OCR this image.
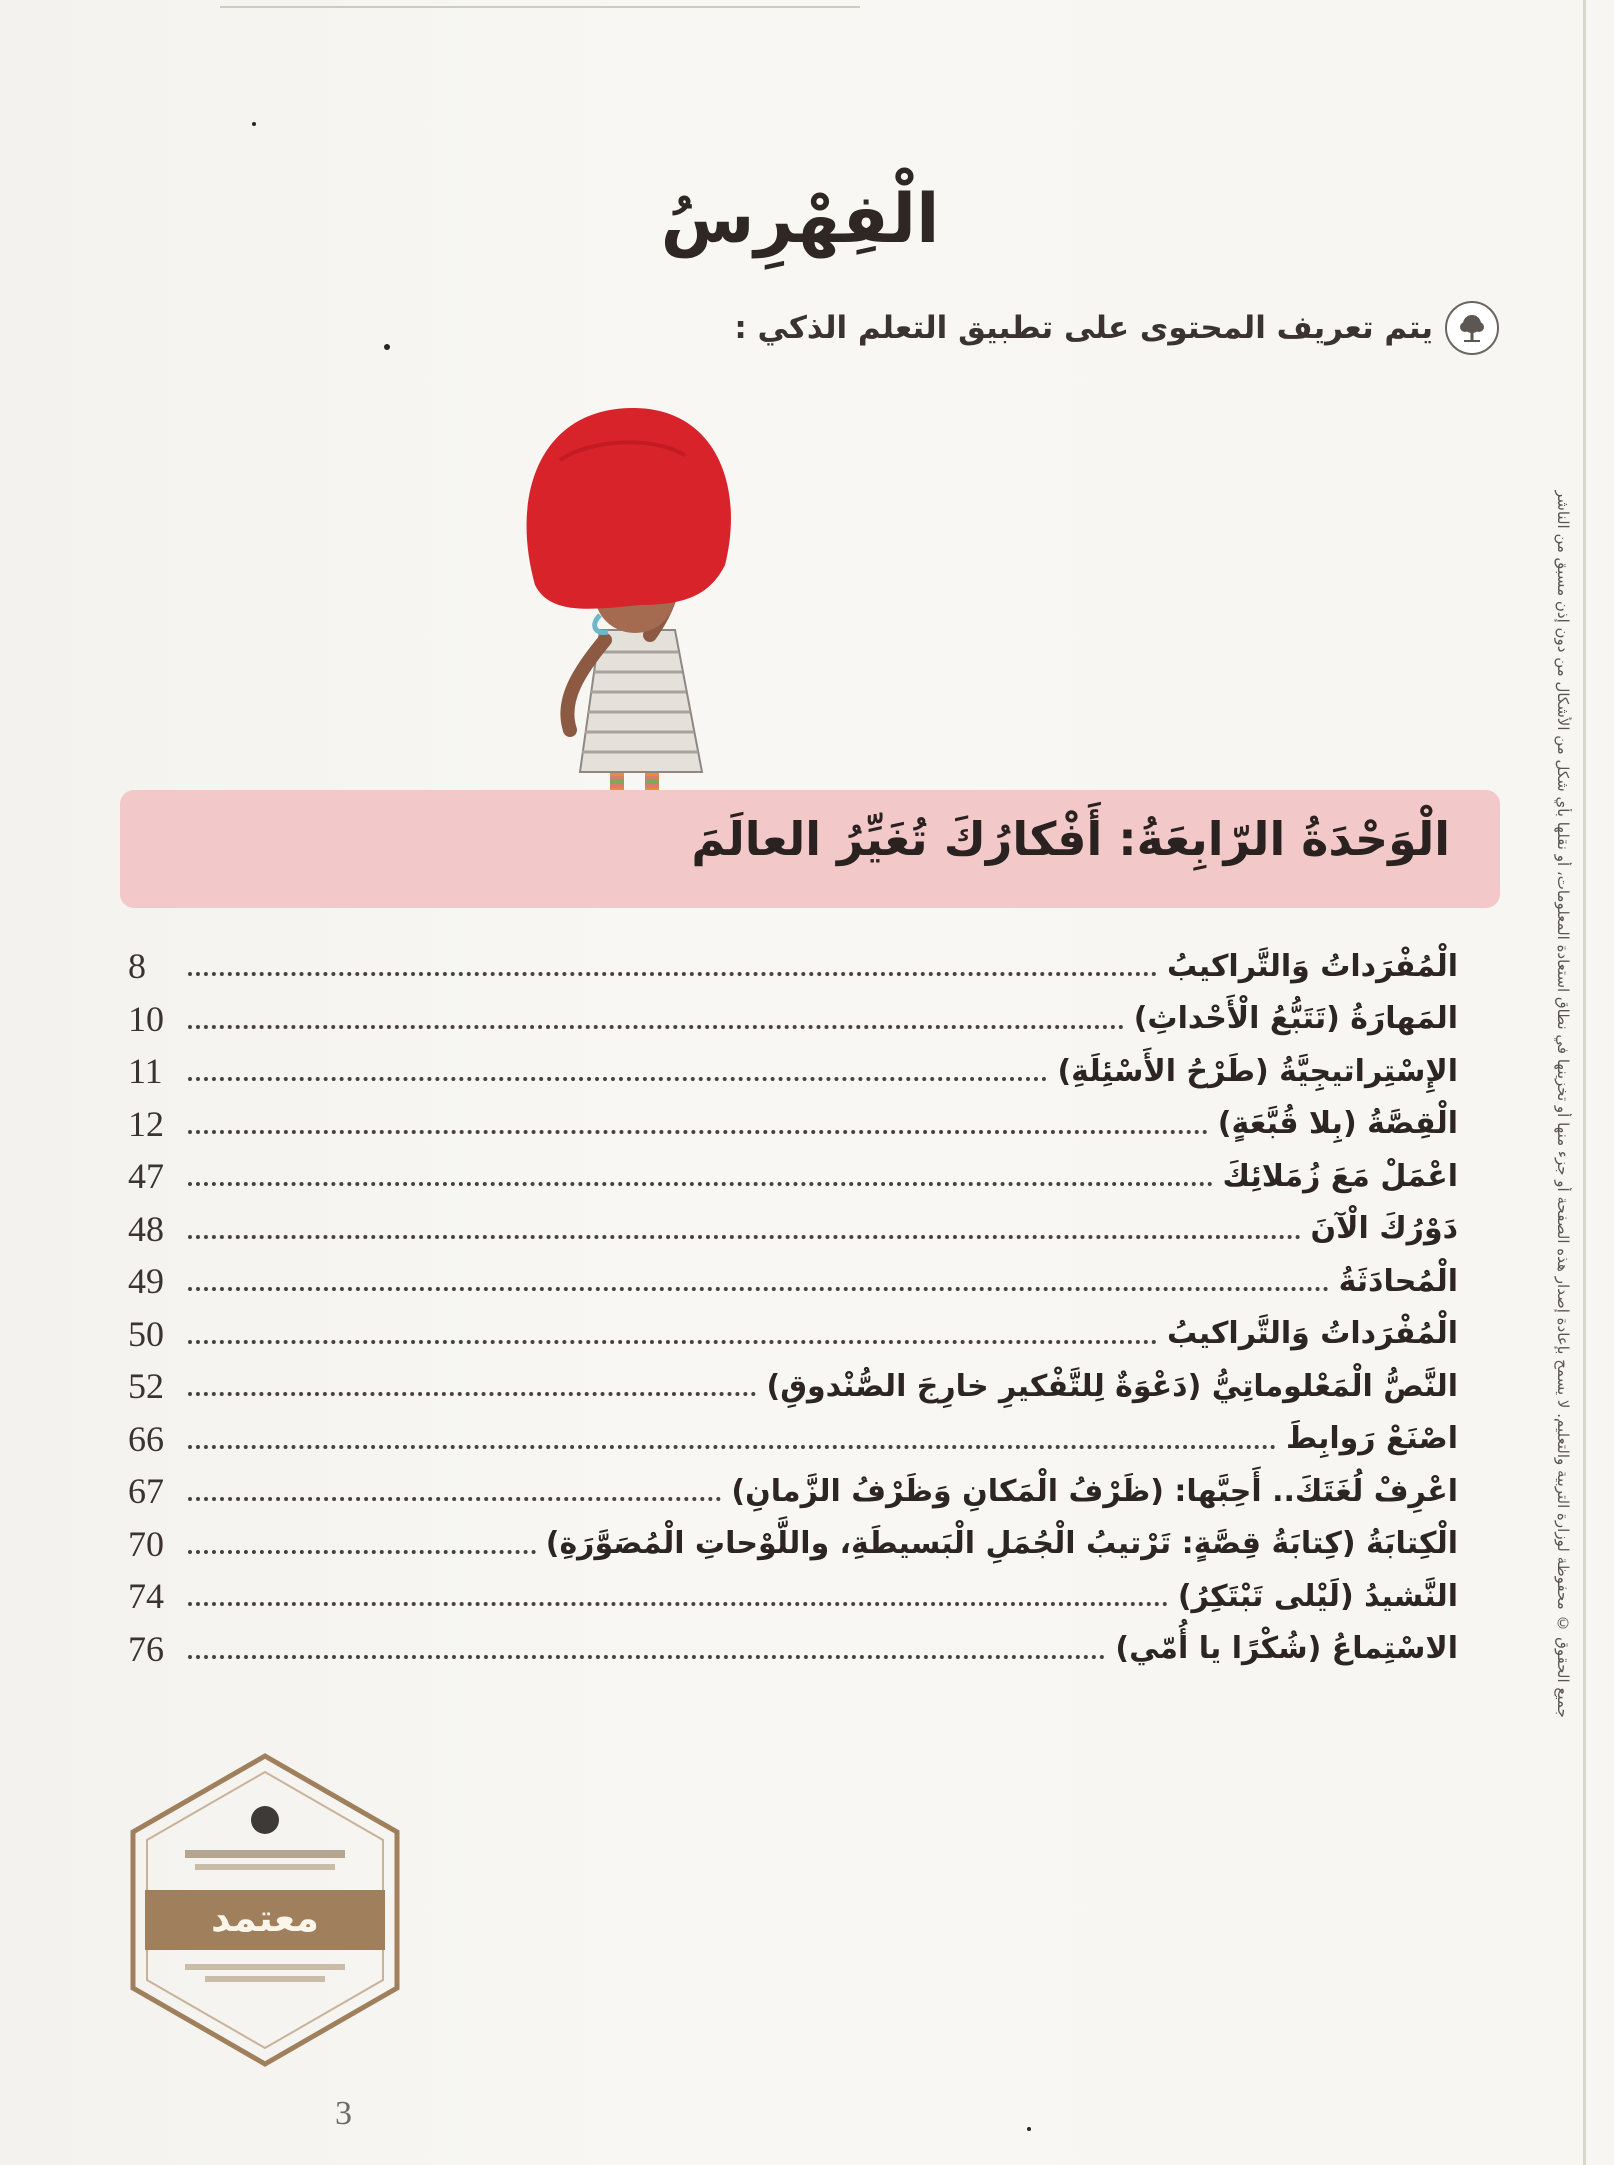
الْفِهْرِسُ
يتم تعريف المحتوى على تطبيق التعلم الذكي :
الْوَحْدَةُ الرّابِعَةُ: أَفْكارُكَ تُغَيِّرُ العالَمَ
8	الْمُفْرَداتُ وَالتَّراكيبُ
10	المَهارَةُ (تَتَبُّعُ الْأَحْداثِ)
11	الإِسْتِراتيجِيَّةُ (طَرْحُ الأَسْئِلَةِ)
12	الْقِصَّةُ (بِلا قُبَّعَةٍ)
47	اعْمَلْ مَعَ زُمَلائِكَ
48	دَوْرُكَ الْآنَ
49	الْمُحادَثَةُ
50	الْمُفْرَداتُ وَالتَّراكيبُ
52	النَّصُّ الْمَعْلوماتِيُّ (دَعْوَةٌ لِلتَّفْكيرِ خارِجَ الصُّنْدوقِ)
66	اصْنَعْ رَوابِطَ
67	اعْرِفْ لُغَتَكَ.. أَحِبَّها: (ظَرْفُ الْمَكانِ وَظَرْفُ الزَّمانِ)
70	الْكِتابَةُ (كِتابَةُ قِصَّةٍ: تَرْتيبُ الْجُمَلِ الْبَسيطَةِ، واللَّوْحاتِ الْمُصَوَّرَةِ)
74	النَّشيدُ (لَيْلى تَبْتَكِرُ)
76	الاسْتِماعُ (شُكْرًا يا أُمّي)	جميع الحقوق © محفوظة لوزارة التربية والتعليم. لا يسمح بإعادة إصدار هذه الصفحة أو جزء منها أو تخزينها في نطاق استعادة المعلومات، أو نقلها بأي شكل من الأشكال من دون إذن مسبق من الناشر
معتمد
3
